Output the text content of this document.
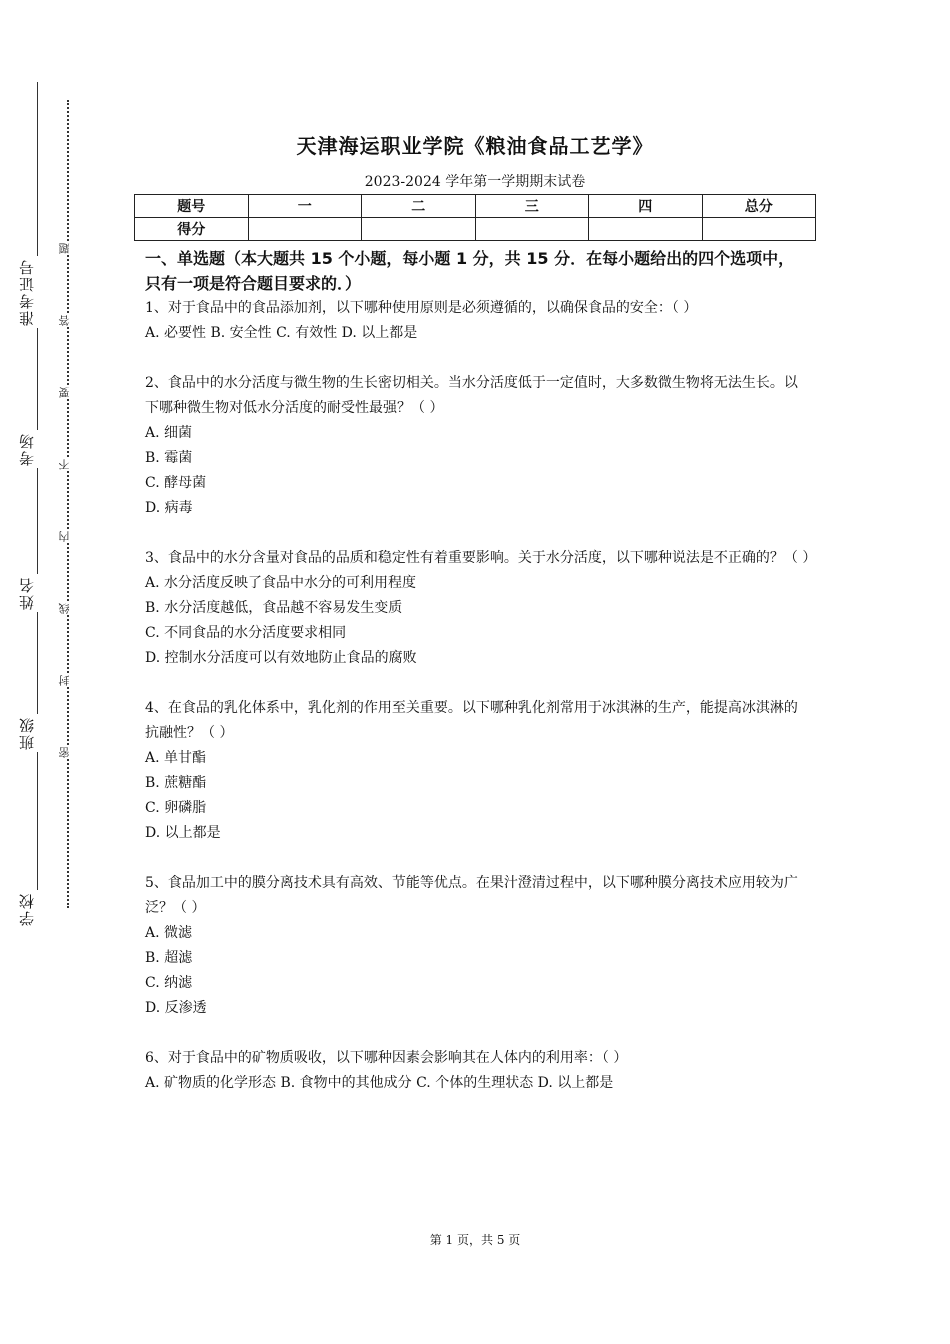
准考证号
考场
姓名
班级
学校
题
答
要
不
内
线
封
密
天津海运职业学院《粮油食品工艺学》
2023-2024 学年第一学期期末试卷
题号	一	二	三	四	总分
得分					

一、单选题（本大题共 15 个小题，每小题 1 分，共 15 分．在每小题给出的四个选项中，只有一项是符合题目要求的．）

1、对于食品中的食品添加剂，以下哪种使用原则是必须遵循的，以确保食品的安全：（ ）

A. 必要性 B. 安全性 C. 有效性 D. 以上都是

2、食品中的水分活度与微生物的生长密切相关。当水分活度低于一定值时，大多数微生物将无法生长。以下哪种微生物对低水分活度的耐受性最强？（ ）

A. 细菌

B. 霉菌

C. 酵母菌

D. 病毒

3、食品中的水分含量对食品的品质和稳定性有着重要影响。关于水分活度，以下哪种说法是不正确的？（ ）

A. 水分活度反映了食品中水分的可利用程度

B. 水分活度越低，食品越不容易发生变质

C. 不同食品的水分活度要求相同

D. 控制水分活度可以有效地防止食品的腐败

4、在食品的乳化体系中，乳化剂的作用至关重要。以下哪种乳化剂常用于冰淇淋的生产，能提高冰淇淋的抗融性？（ ）

A. 单甘酯

B. 蔗糖酯

C. 卵磷脂

D. 以上都是

5、食品加工中的膜分离技术具有高效、节能等优点。在果汁澄清过程中，以下哪种膜分离技术应用较为广泛？（ ）

A. 微滤

B. 超滤

C. 纳滤

D. 反渗透

6、对于食品中的矿物质吸收，以下哪种因素会影响其在人体内的利用率：（ ）

A. 矿物质的化学形态 B. 食物中的其他成分 C. 个体的生理状态 D. 以上都是

第 1 页，共 5 页
